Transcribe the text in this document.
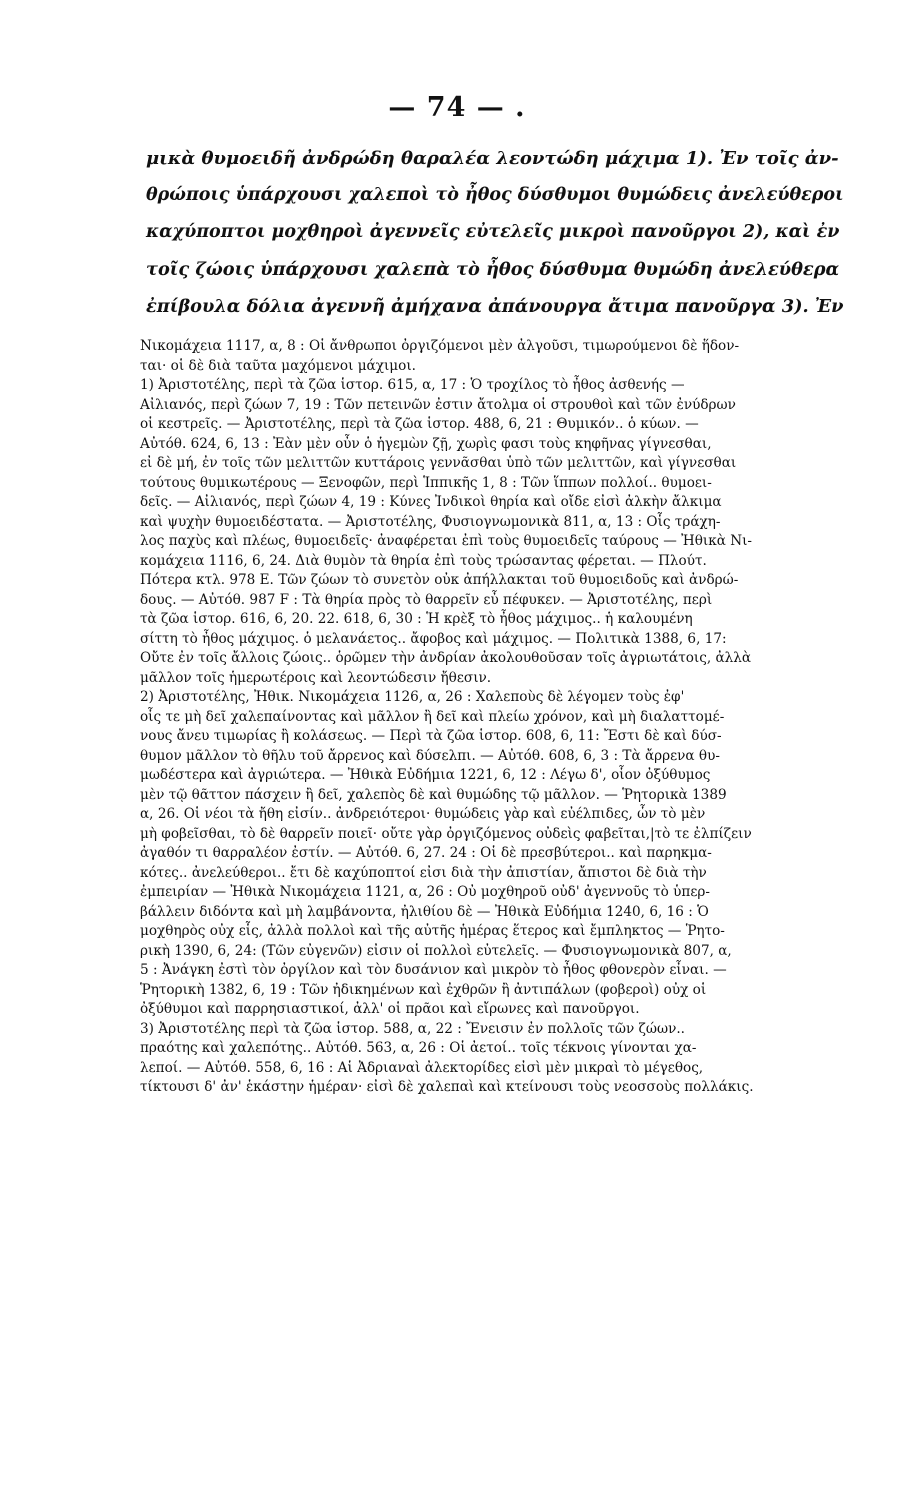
— 74 — .
μικὰ θυμοειδῆ ἀνδρώδη θαραλέα λεοντώδη μάχιμα 1). Ἐν τοῖς ἀν-
θρώποις ὑπάρχουσι χαλεποὶ τὸ ἦθος δύσθυμοι θυμώδεις ἀνελεύθεροι
καχύποπτοι μοχθηροὶ ἀγεννεῖς εὐτελεῖς μικροὶ πανοῦργοι 2), καὶ ἐν
τοῖς ζώοις ὑπάρχουσι χαλεπὰ τὸ ἦθος δύσθυμα θυμώδη ἀνελεύθερα
ἐπίβουλα δόλια ἀγεννῆ ἀμήχανα ἀπάνουργα ἄτιμα πανοῦργα 3). Ἐν
Νικομάχεια 1117, α, 8 : Οἱ ἄνθρωποι ὀργιζόμενοι μὲν ἀλγοῦσι, τιμωρούμενοι δὲ ἥδον-
ται· οἱ δὲ διὰ ταῦτα μαχόμενοι μάχιμοι.
1) Ἀριστοτέλης, περὶ τὰ ζῶα ἱστορ. 615, α, 17 : Ὁ τροχίλος τὸ ἦθος ἀσθενής —
Αἰλιανός, περὶ ζώων 7, 19 : Τῶν πετεινῶν ἐστιν ἄτολμα οἱ στρουθοὶ καὶ τῶν ἐνύδρων
οἱ κεστρεῖς. — Ἀριστοτέλης, περὶ τὰ ζῶα ἱστορ. 488, 6, 21 : Θυμικόν.. ὁ κύων. —
Αὐτόθ. 624, 6, 13 : Ἐὰν μὲν οὖν ὁ ἡγεμὼν ζῇ, χωρὶς φασι τοὺς κηφῆνας γίγνεσθαι,
εἰ δὲ μή, ἐν τοῖς τῶν μελιττῶν κυττάροις γεννᾶσθαι ὑπὸ τῶν μελιττῶν, καὶ γίγνεσθαι
τούτους θυμικωτέρους — Ξενοφῶν, περὶ Ἱππικῆς 1, 8 : Τῶν ἵππων πολλοί.. θυμοει-
δεῖς. — Αἰλιανός, περὶ ζώων 4, 19 : Κύνες Ἰνδικοὶ θηρία καὶ οἴδε εἰσὶ ἀλκὴν ἄλκιμα
καὶ ψυχὴν θυμοειδέστατα. — Ἀριστοτέλης, Φυσιογνωμονικὰ 811, α, 13 : Οἷς τράχη-
λος παχὺς καὶ πλέως, θυμοειδεῖς· ἀναφέρεται ἐπὶ τοὺς θυμοειδεῖς ταύρους — Ἠθικὰ Νι-
κομάχεια 1116, 6, 24. Διὰ θυμὸν τὰ θηρία ἐπὶ τοὺς τρώσαντας φέρεται. — Πλούτ.
Πότερα κτλ. 978 Ε. Τῶν ζώων τὸ συνετὸν οὐκ ἀπήλλακται τοῦ θυμοειδοῦς καὶ ἀνδρώ-
δους. — Αὐτόθ. 987 F : Τὰ θηρία πρὸς τὸ θαρρεῖν εὖ πέφυκεν. — Ἀριστοτέλης, περὶ
τὰ ζῶα ἱστορ. 616, 6, 20. 22. 618, 6, 30 : Ἡ κρὲξ τὸ ἦθος μάχιμος.. ἡ καλουμένη
σίττη τὸ ἦθος μάχιμος. ὁ μελανάετος.. ἄφοβος καὶ μάχιμος. — Πολιτικὰ 1388, 6, 17:
Οὔτε ἐν τοῖς ἄλλοις ζώοις.. ὁρῶμεν τὴν ἀνδρίαν ἀκολουθοῦσαν τοῖς ἀγριωτάτοις, ἀλλὰ
μᾶλλον τοῖς ἡμερωτέροις καὶ λεοντώδεσιν ἤθεσιν.
2) Ἀριστοτέλης, Ἠθικ. Νικομάχεια 1126, α, 26 : Χαλεποὺς δὲ λέγομεν τοὺς ἐφ'
οἷς τε μὴ δεῖ χαλεπαίνοντας καὶ μᾶλλον ἢ δεῖ καὶ πλείω χρόνον, καὶ μὴ διαλαττομέ-
νους ἄνευ τιμωρίας ἢ κολάσεως. — Περὶ τὰ ζῶα ἱστορ. 608, 6, 11: Ἔστι δὲ καὶ δύσ-
θυμον μᾶλλον τὸ θῆλυ τοῦ ἄρρενος καὶ δύσελπι. — Αὐτόθ. 608, 6, 3 : Τὰ ἄρρενα θυ-
μωδέστερα καὶ ἀγριώτερα. — Ἠθικὰ Εὐδήμια 1221, 6, 12 : Λέγω δ', οἷον ὀξύθυμος
μὲν τῷ θᾶττον πάσχειν ἢ δεῖ, χαλεπὸς δὲ καὶ θυμώδης τῷ μᾶλλον. — Ῥητορικὰ 1389
α, 26. Οἱ νέοι τὰ ἤθη εἰσίν.. ἀνδρειότεροι· θυμώδεις γὰρ καὶ εὐέλπιδες, ὧν τὸ μὲν
μὴ φοβεῖσθαι, τὸ δὲ θαρρεῖν ποιεῖ· οὔτε γὰρ ὀργιζόμενος οὐδεὶς φαβεῖται,|τὸ τε ἐλπίζειν
ἀγαθόν τι θαρραλέον ἐστίν. — Αὐτόθ. 6, 27. 24 : Οἱ δὲ πρεσβύτεροι.. καὶ παρηκμα-
κότες.. ἀνελεύθεροι.. ἔτι δὲ καχύποπτοί εἰσι διὰ τὴν ἀπιστίαν, ἄπιστοι δὲ διὰ τὴν
ἐμπειρίαν — Ἠθικὰ Νικομάχεια 1121, α, 26 : Οὐ μοχθηροῦ οὐδ' ἀγεννοῦς τὸ ὑπερ-
βάλλειν διδόντα καὶ μὴ λαμβάνοντα, ἠλιθίου δὲ — Ἠθικὰ Εὐδήμια 1240, 6, 16 : Ὁ
μοχθηρὸς οὐχ εἷς, ἀλλὰ πολλοὶ καὶ τῆς αὐτῆς ἡμέρας ἕτερος καὶ ἔμπληκτος — Ῥητο-
ρικὴ 1390, 6, 24: (Τῶν εὐγενῶν) εἰσιν οἱ πολλοὶ εὐτελεῖς. — Φυσιογνωμονικὰ 807, α,
5 : Ἀνάγκη ἐστὶ τὸν ὀργίλον καὶ τὸν δυσάνιον καὶ μικρὸν τὸ ἦθος φθονερὸν εἶναι. —
Ῥητορικὴ 1382, 6, 19 : Τῶν ἠδικημένων καὶ ἐχθρῶν ἢ ἀντιπάλων (φοβεροὶ) οὐχ οἱ
ὀξύθυμοι καὶ παρρησιαστικοί, ἀλλ' οἱ πρᾶοι καὶ εἴρωνες καὶ πανοῦργοι.
3) Ἀριστοτέλης περὶ τὰ ζῶα ἱστορ. 588, α, 22 : Ἔνεισιν ἐν πολλοῖς τῶν ζώων..
πραότης καὶ χαλεπότης.. Αὐτόθ. 563, α, 26 : Οἱ ἀετοί.. τοῖς τέκνοις γίνονται χα-
λεποί. — Αὐτόθ. 558, 6, 16 : Αἱ Ἀδριαναὶ ἀλεκτορίδες εἰσὶ μὲν μικραὶ τὸ μέγεθος,
τίκτουσι δ' ἀν' ἑκάστην ἡμέραν· εἰσὶ δὲ χαλεπαὶ καὶ κτείνουσι τοὺς νεοσσοὺς πολλάκις.
